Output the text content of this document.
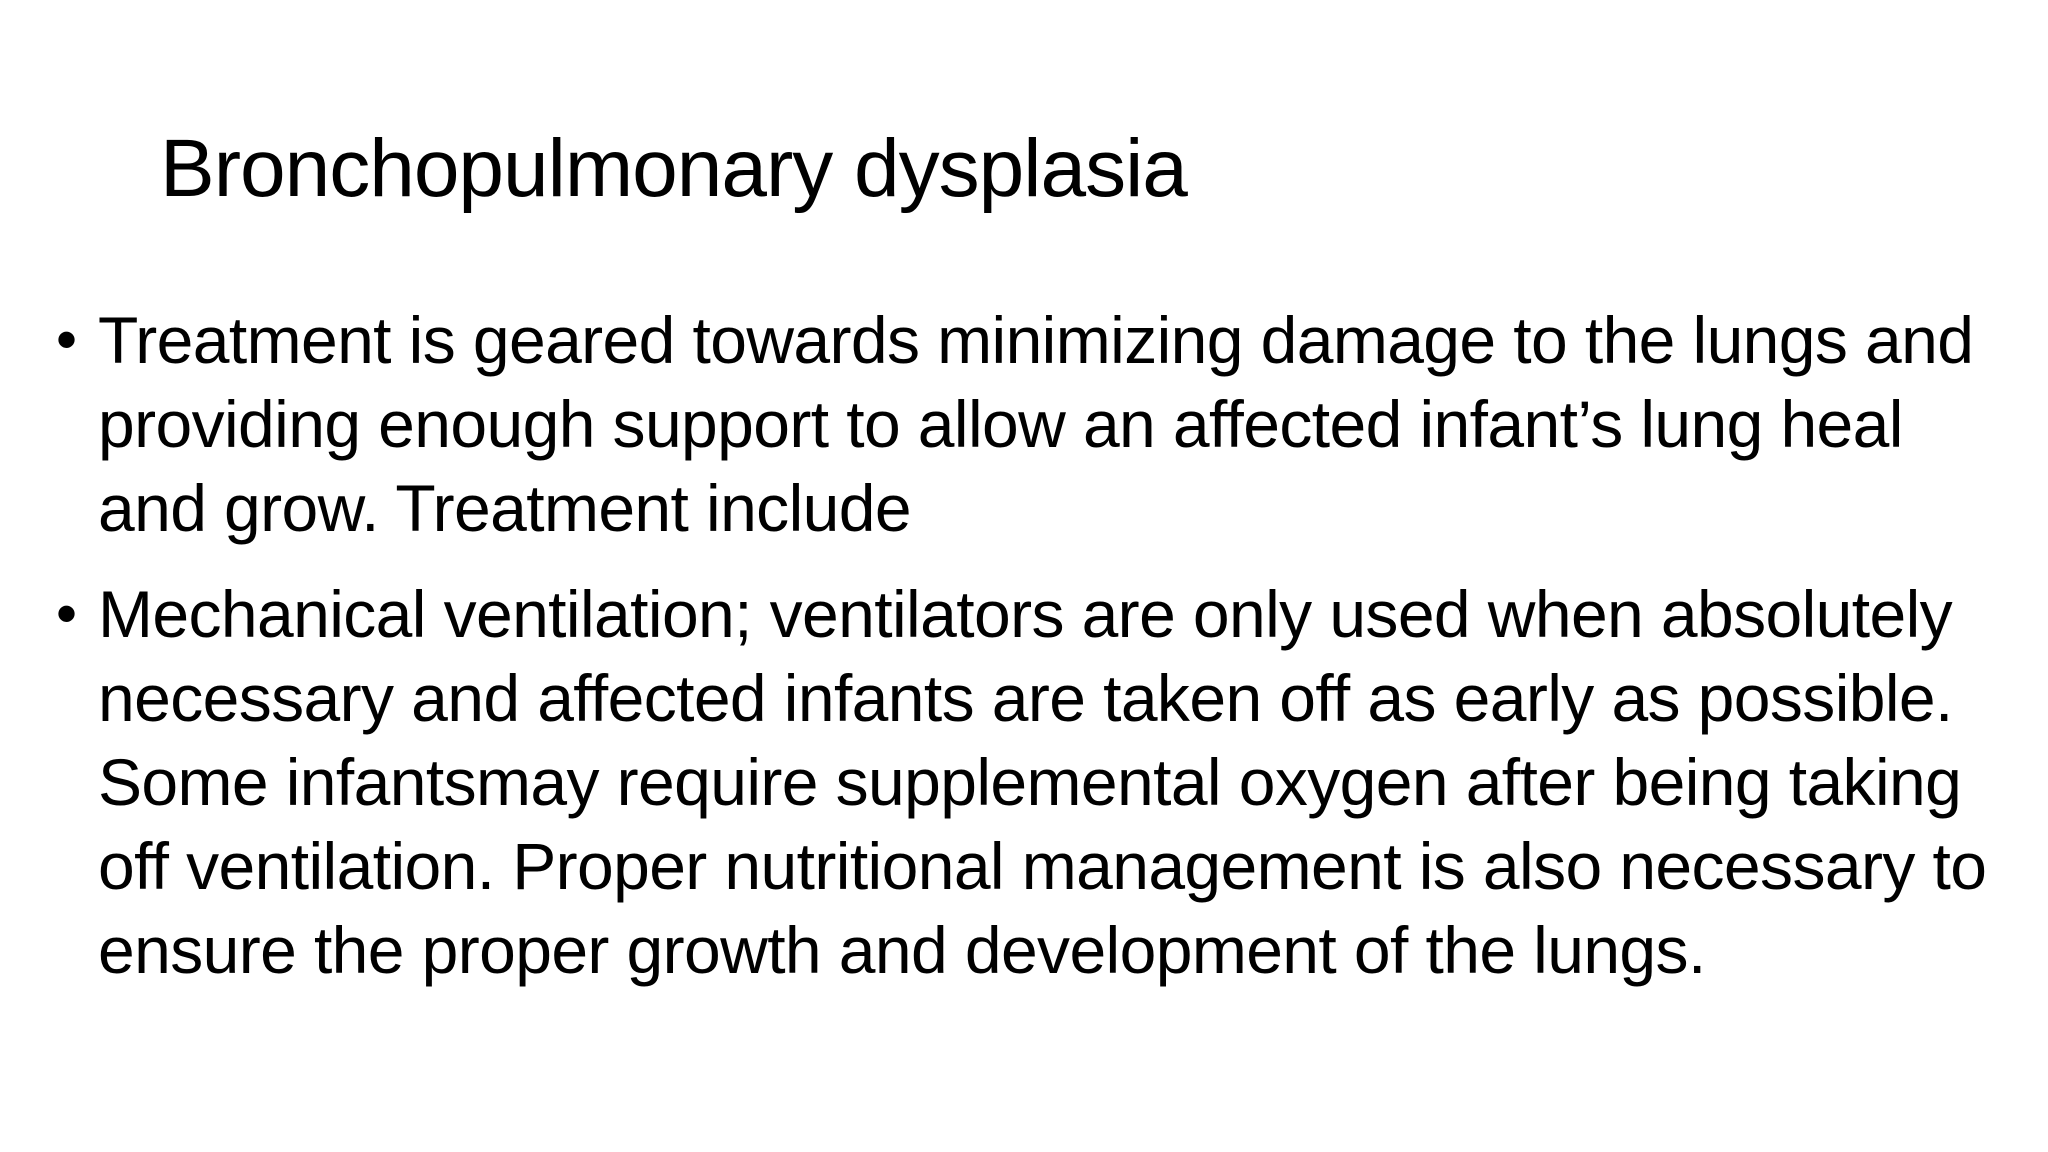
Bronchopulmonary dysplasia
• Treatment is geared towards minimizing damage to the lungs and providing enough support to allow an affected infant’s lung heal and grow. Treatment include
• Mechanical ventilation; ventilators are only used when absolutely necessary and affected infants are taken off as early as possible. Some infantsmay require supplemental oxygen after being taking off ventilation. Proper nutritional management is also necessary to ensure the proper growth and development of the lungs.
